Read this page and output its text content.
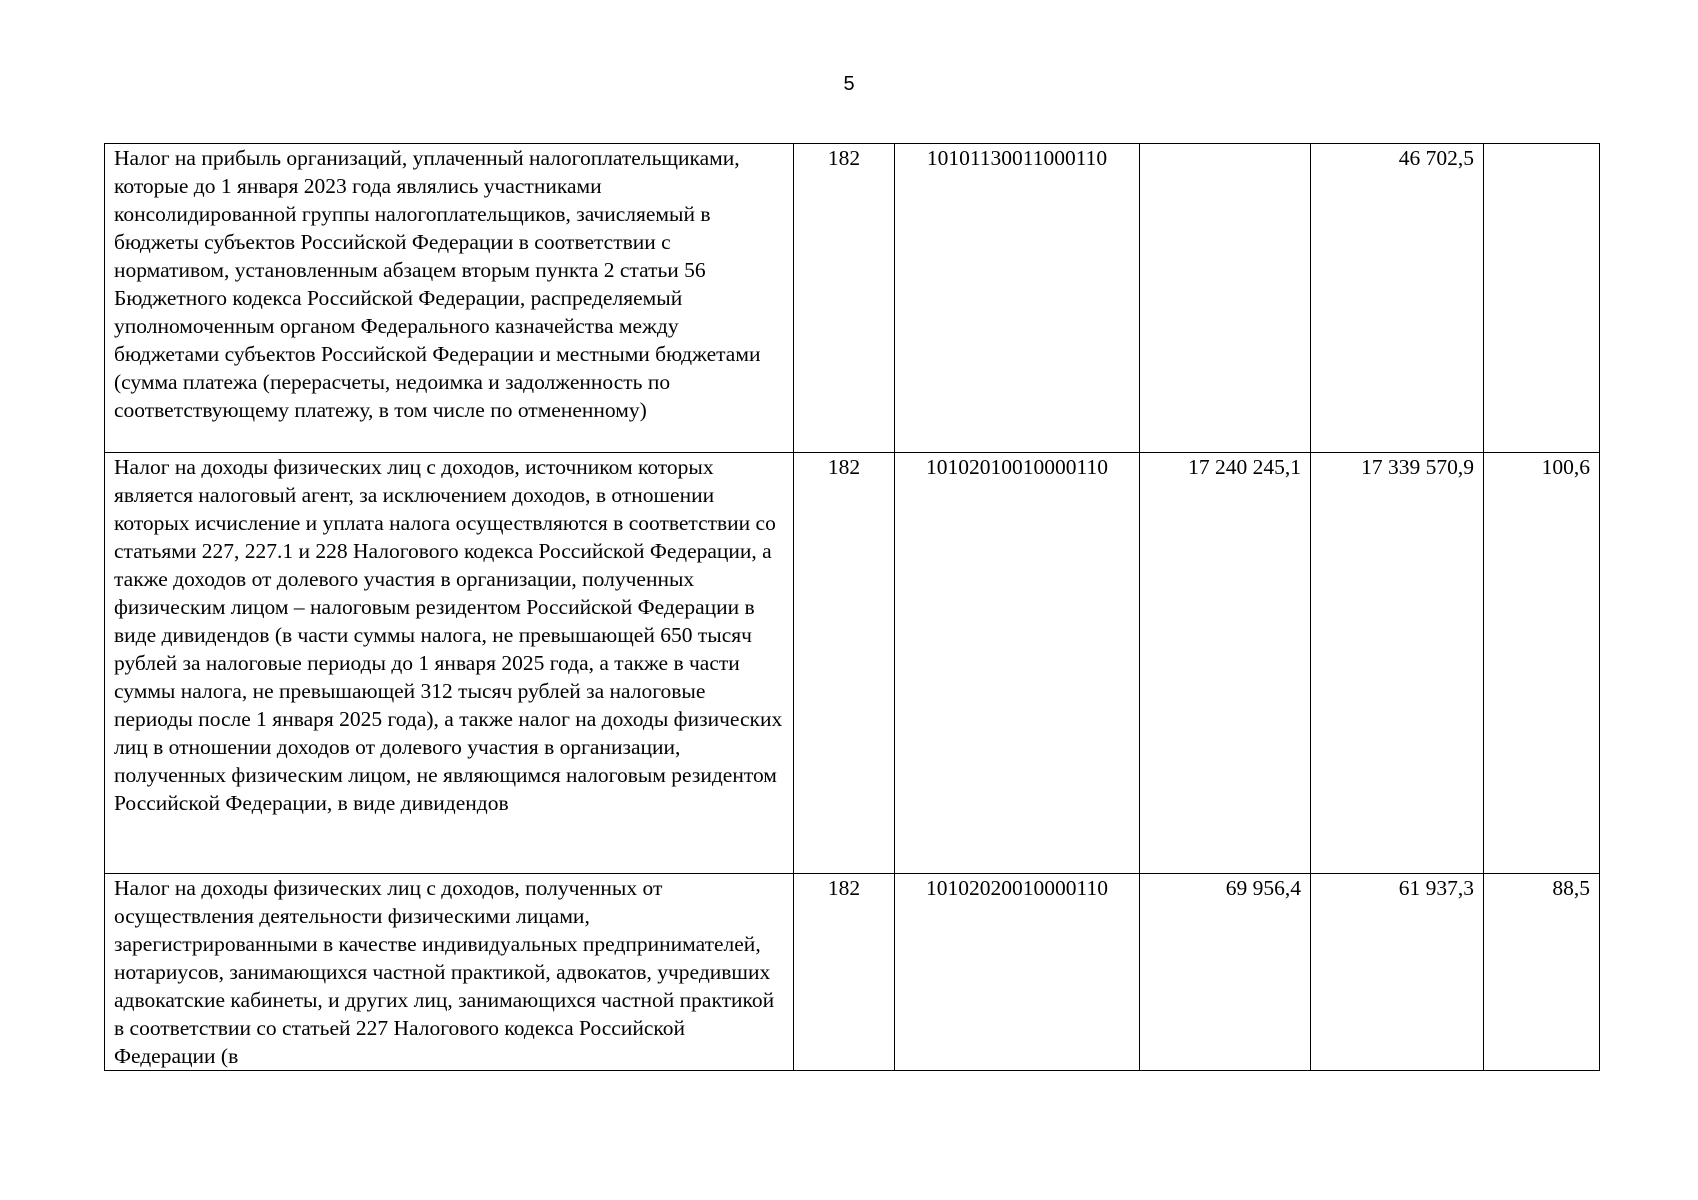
5
Налог на прибыль организаций, уплаченный налогоплательщиками, которые до 1 января 2023 года являлись участниками консолидированной группы налогоплательщиков, зачисляемый в бюджеты субъектов Российской Федерации в соответствии с нормативом, установленным абзацем вторым пункта 2 статьи 56 Бюджетного кодекса Российской Федерации, распределяемый уполномоченным органом Федерального казначейства между бюджетами субъектов Российской Федерации и местными бюджетами (сумма платежа (перерасчеты, недоимка и задолженность по соответствующему платежу, в том числе по отмененному)	182	10101130011000110		46 702,5	
Налог на доходы физических лиц с доходов, источником которых является налоговый агент, за исключением доходов, в отношении которых исчисление и уплата налога осуществляются в соответствии со статьями 227, 227.1 и 228 Налогового кодекса Российской Федерации, а также доходов от долевого участия в организации, полученных физическим лицом – налоговым резидентом Российской Федерации в виде дивидендов (в части суммы налога, не превышающей 650 тысяч рублей за налоговые периоды до 1 января 2025 года, а также в части суммы налога, не превышающей 312 тысяч рублей за налоговые периоды после 1 января 2025 года), а также налог на доходы физических лиц в отношении доходов от долевого участия в организации, полученных физическим лицом, не являющимся налоговым резидентом Российской Федерации, в виде дивидендов	182	10102010010000110	17 240 245,1	17 339 570,9	100,6
Налог на доходы физических лиц с доходов, полученных от осуществления деятельности физическими лицами, зарегистрированными в качестве индивидуальных предпринимателей, нотариусов, занимающихся частной практикой, адвокатов, учредивших адвокатские кабинеты, и других лиц, занимающихся частной практикой в соответствии со статьей 227 Налогового кодекса Российской Федерации (в	182	10102020010000110	69 956,4	61 937,3	88,5
